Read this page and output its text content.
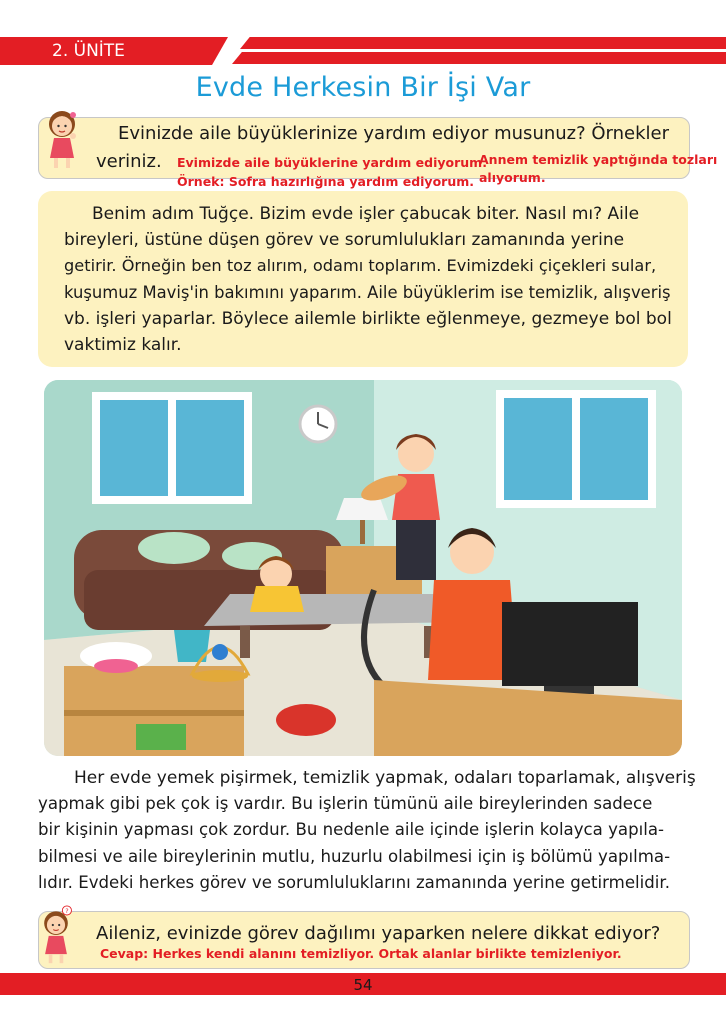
2. ÜNİTE
Evde Herkesin Bir İşi Var
Evinizde aile büyüklerinize yardım ediyor musunuz? Örnekler
veriniz. Evimizde aile büyüklerine yardım ediyorum.
Örnek: Sofra hazırlığına yardım ediyorum.
Annem temizlik yaptığında tozları
alıyorum.
Benim adım Tuğçe. Bizim evde işler çabucak biter. Nasıl mı? Aile
bireyleri, üstüne düşen görev ve sorumlulukları zamanında yerine
getirir. Örneğin ben toz alırım, odamı toplarım. Evimizdeki çiçekleri sular,
kuşumuz Maviş'in bakımını yaparım. Aile büyüklerim ise temizlik, alışveriş
vb. işleri yaparlar. Böylece ailemle birlikte eğlenmeye, gezmeye bol bol
vaktimiz kalır.
Her evde yemek pişirmek, temizlik yapmak, odaları toparlamak, alışveriş
yapmak gibi pek çok iş vardır. Bu işlerin tümünü aile bireylerinden sadece
bir kişinin yapması çok zordur. Bu nedenle aile içinde işlerin kolayca yapıla-
bilmesi ve aile bireylerinin mutlu, huzurlu olabilmesi için iş bölümü yapılma-
lıdır. Evdeki herkes görev ve sorumluluklarını zamanında yerine getirmelidir.
?
Aileniz, evinizde görev dağılımı yaparken nelere dikkat ediyor?
Cevap: Herkes kendi alanını temizliyor. Ortak alanlar birlikte temizleniyor.
54
